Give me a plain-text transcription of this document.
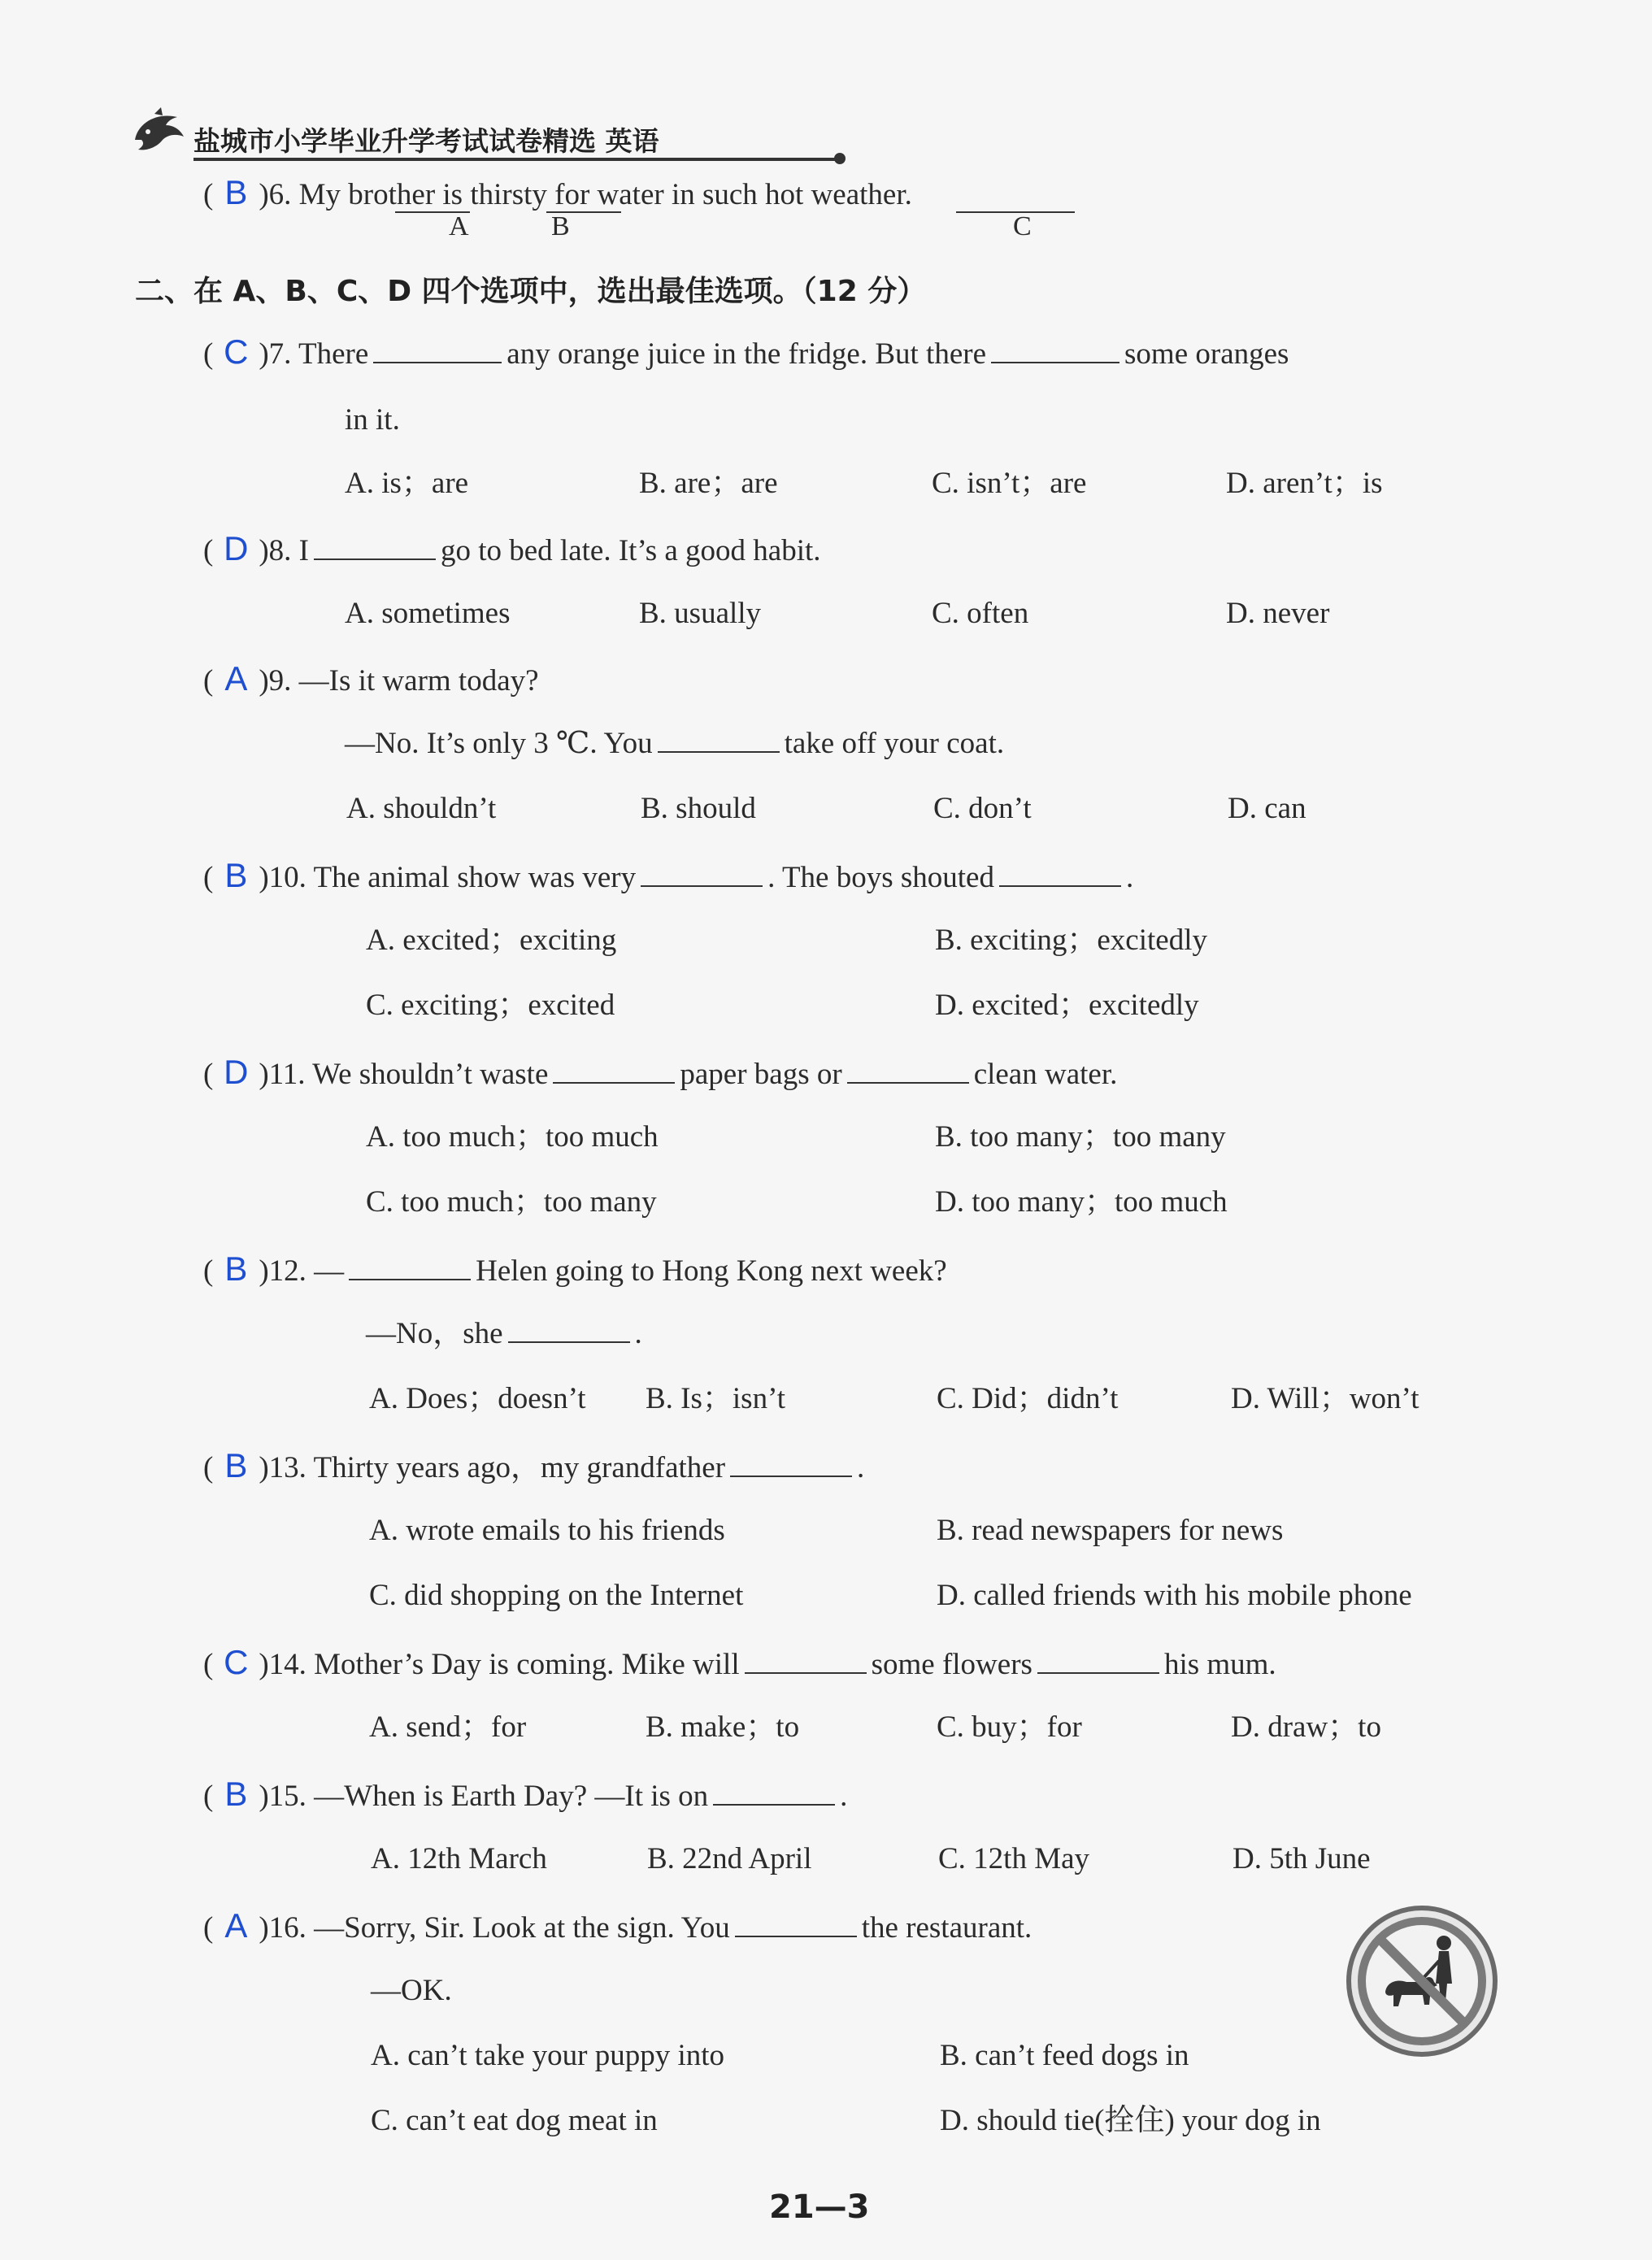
盐城市小学毕业升学考试试卷精选 英语
( B )6. My brother is thirsty for water in such hot weather.
A	B	C
二、在 A、B、C、D 四个选项中，选出最佳选项。（12 分）
( C )7. There	any orange juice in the fridge. But there	some oranges
in it.
A. is；are	B. are；are	C. isn’t；are	D. aren’t；is
( D )8. I	go to bed late. It’s a good habit.
A. sometimes	B. usually	C. often	D. never
( A )9. —Is it warm today?
—No. It’s only 3 ℃. You	take off your coat.
A. shouldn’t	B. should	C. don’t	D. can
( B )10. The animal show was very	. The boys shouted	.
A. excited；exciting	B. exciting；excitedly
C. exciting；excited	D. excited；excitedly
( D )11. We shouldn’t waste	paper bags or	clean water.
A. too much；too much	B. too many；too many
C. too much；too many	D. too many；too much
( B )12. —	Helen going to Hong Kong next week?
—No，she	.
A. Does；doesn’t B. Is；isn’t	C. Did；didn’t	D. Will；won’t
( B )13. Thirty years ago，my grandfather	.
A. wrote emails to his friends	B. read newspapers for news
C. did shopping on the Internet	D. called friends with his mobile phone
( C )14. Mother’s Day is coming. Mike will	some flowers	his mum.
A. send；for	B. make；to	C. buy；for	D. draw；to
( B )15. —When is Earth Day? —It is on	.
A. 12th March	B. 22nd April	C. 12th May	D. 5th June
( A )16. —Sorry, Sir. Look at the sign. You	the restaurant.
—OK.
A. can’t take your puppy into	B. can’t feed dogs in
C. can’t eat dog meat in	D. should tie(拴住) your dog in
21—3
